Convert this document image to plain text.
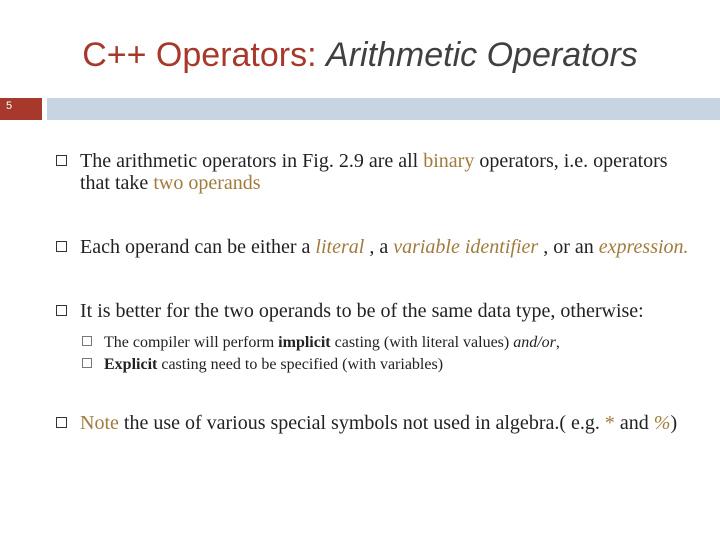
C++ Operators: Arithmetic Operators
5
The arithmetic operators in Fig. 2.9 are all binary operators, i.e. operators that take two operands
Each operand can be either a literal , a variable identifier , or an expression.
It is better for the two operands to be of the same data type, otherwise:
The compiler will perform implicit casting (with literal values) and/or,
Explicit casting need to be specified (with variables)
Note the use of various special symbols not used in algebra.( e.g. * and %)
